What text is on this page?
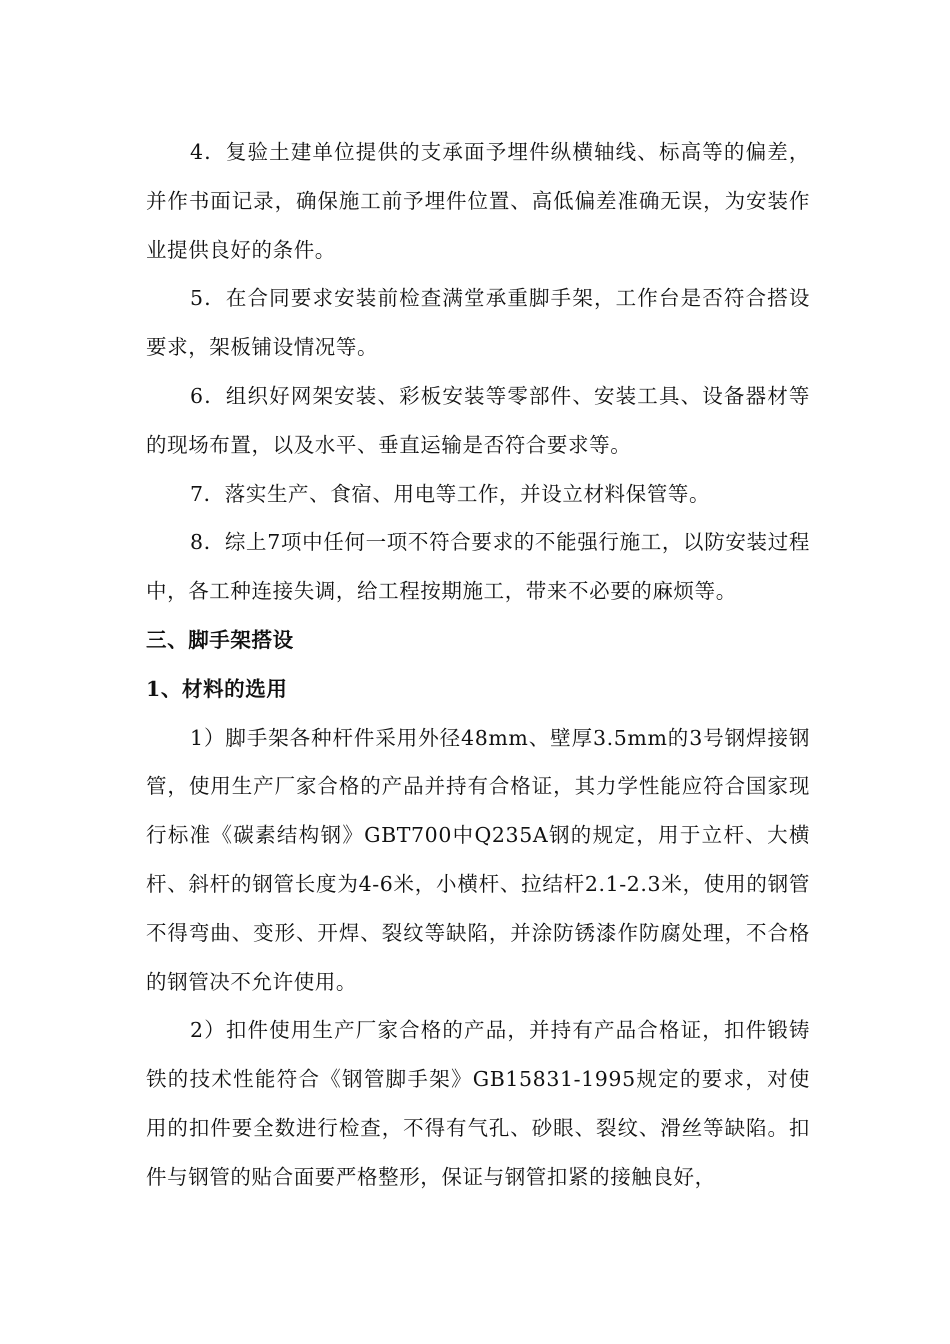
4．复验土建单位提供的支承面予埋件纵横轴线、标高等的偏差，并作书面记录，确保施工前予埋件位置、高低偏差准确无误，为安装作业提供良好的条件。

5．在合同要求安装前检查满堂承重脚手架，工作台是否符合搭设要求，架板铺设情况等。

6．组织好网架安装、彩板安装等零部件、安装工具、设备器材等的现场布置，以及水平、垂直运输是否符合要求等。

7．落实生产、食宿、用电等工作，并设立材料保管等。

8．综上7项中任何一项不符合要求的不能强行施工，以防安装过程中，各工种连接失调，给工程按期施工，带来不必要的麻烦等。

三、脚手架搭设
1、材料的选用

1）脚手架各种杆件采用外径48mm、壁厚3.5mm的3号钢焊接钢管，使用生产厂家合格的产品并持有合格证，其力学性能应符合国家现行标准《碳素结构钢》GBT700中Q235A钢的规定，用于立杆、大横杆、斜杆的钢管长度为4-6米，小横杆、拉结杆2.1-2.3米，使用的钢管不得弯曲、变形、开焊、裂纹等缺陷，并涂防锈漆作防腐处理，不合格的钢管决不允许使用。

2）扣件使用生产厂家合格的产品，并持有产品合格证，扣件锻铸铁的技术性能符合《钢管脚手架》GB15831-1995规定的要求，对使用的扣件要全数进行检查，不得有气孔、砂眼、裂纹、滑丝等缺陷。扣件与钢管的贴合面要严格整形，保证与钢管扣紧的接触良好，
